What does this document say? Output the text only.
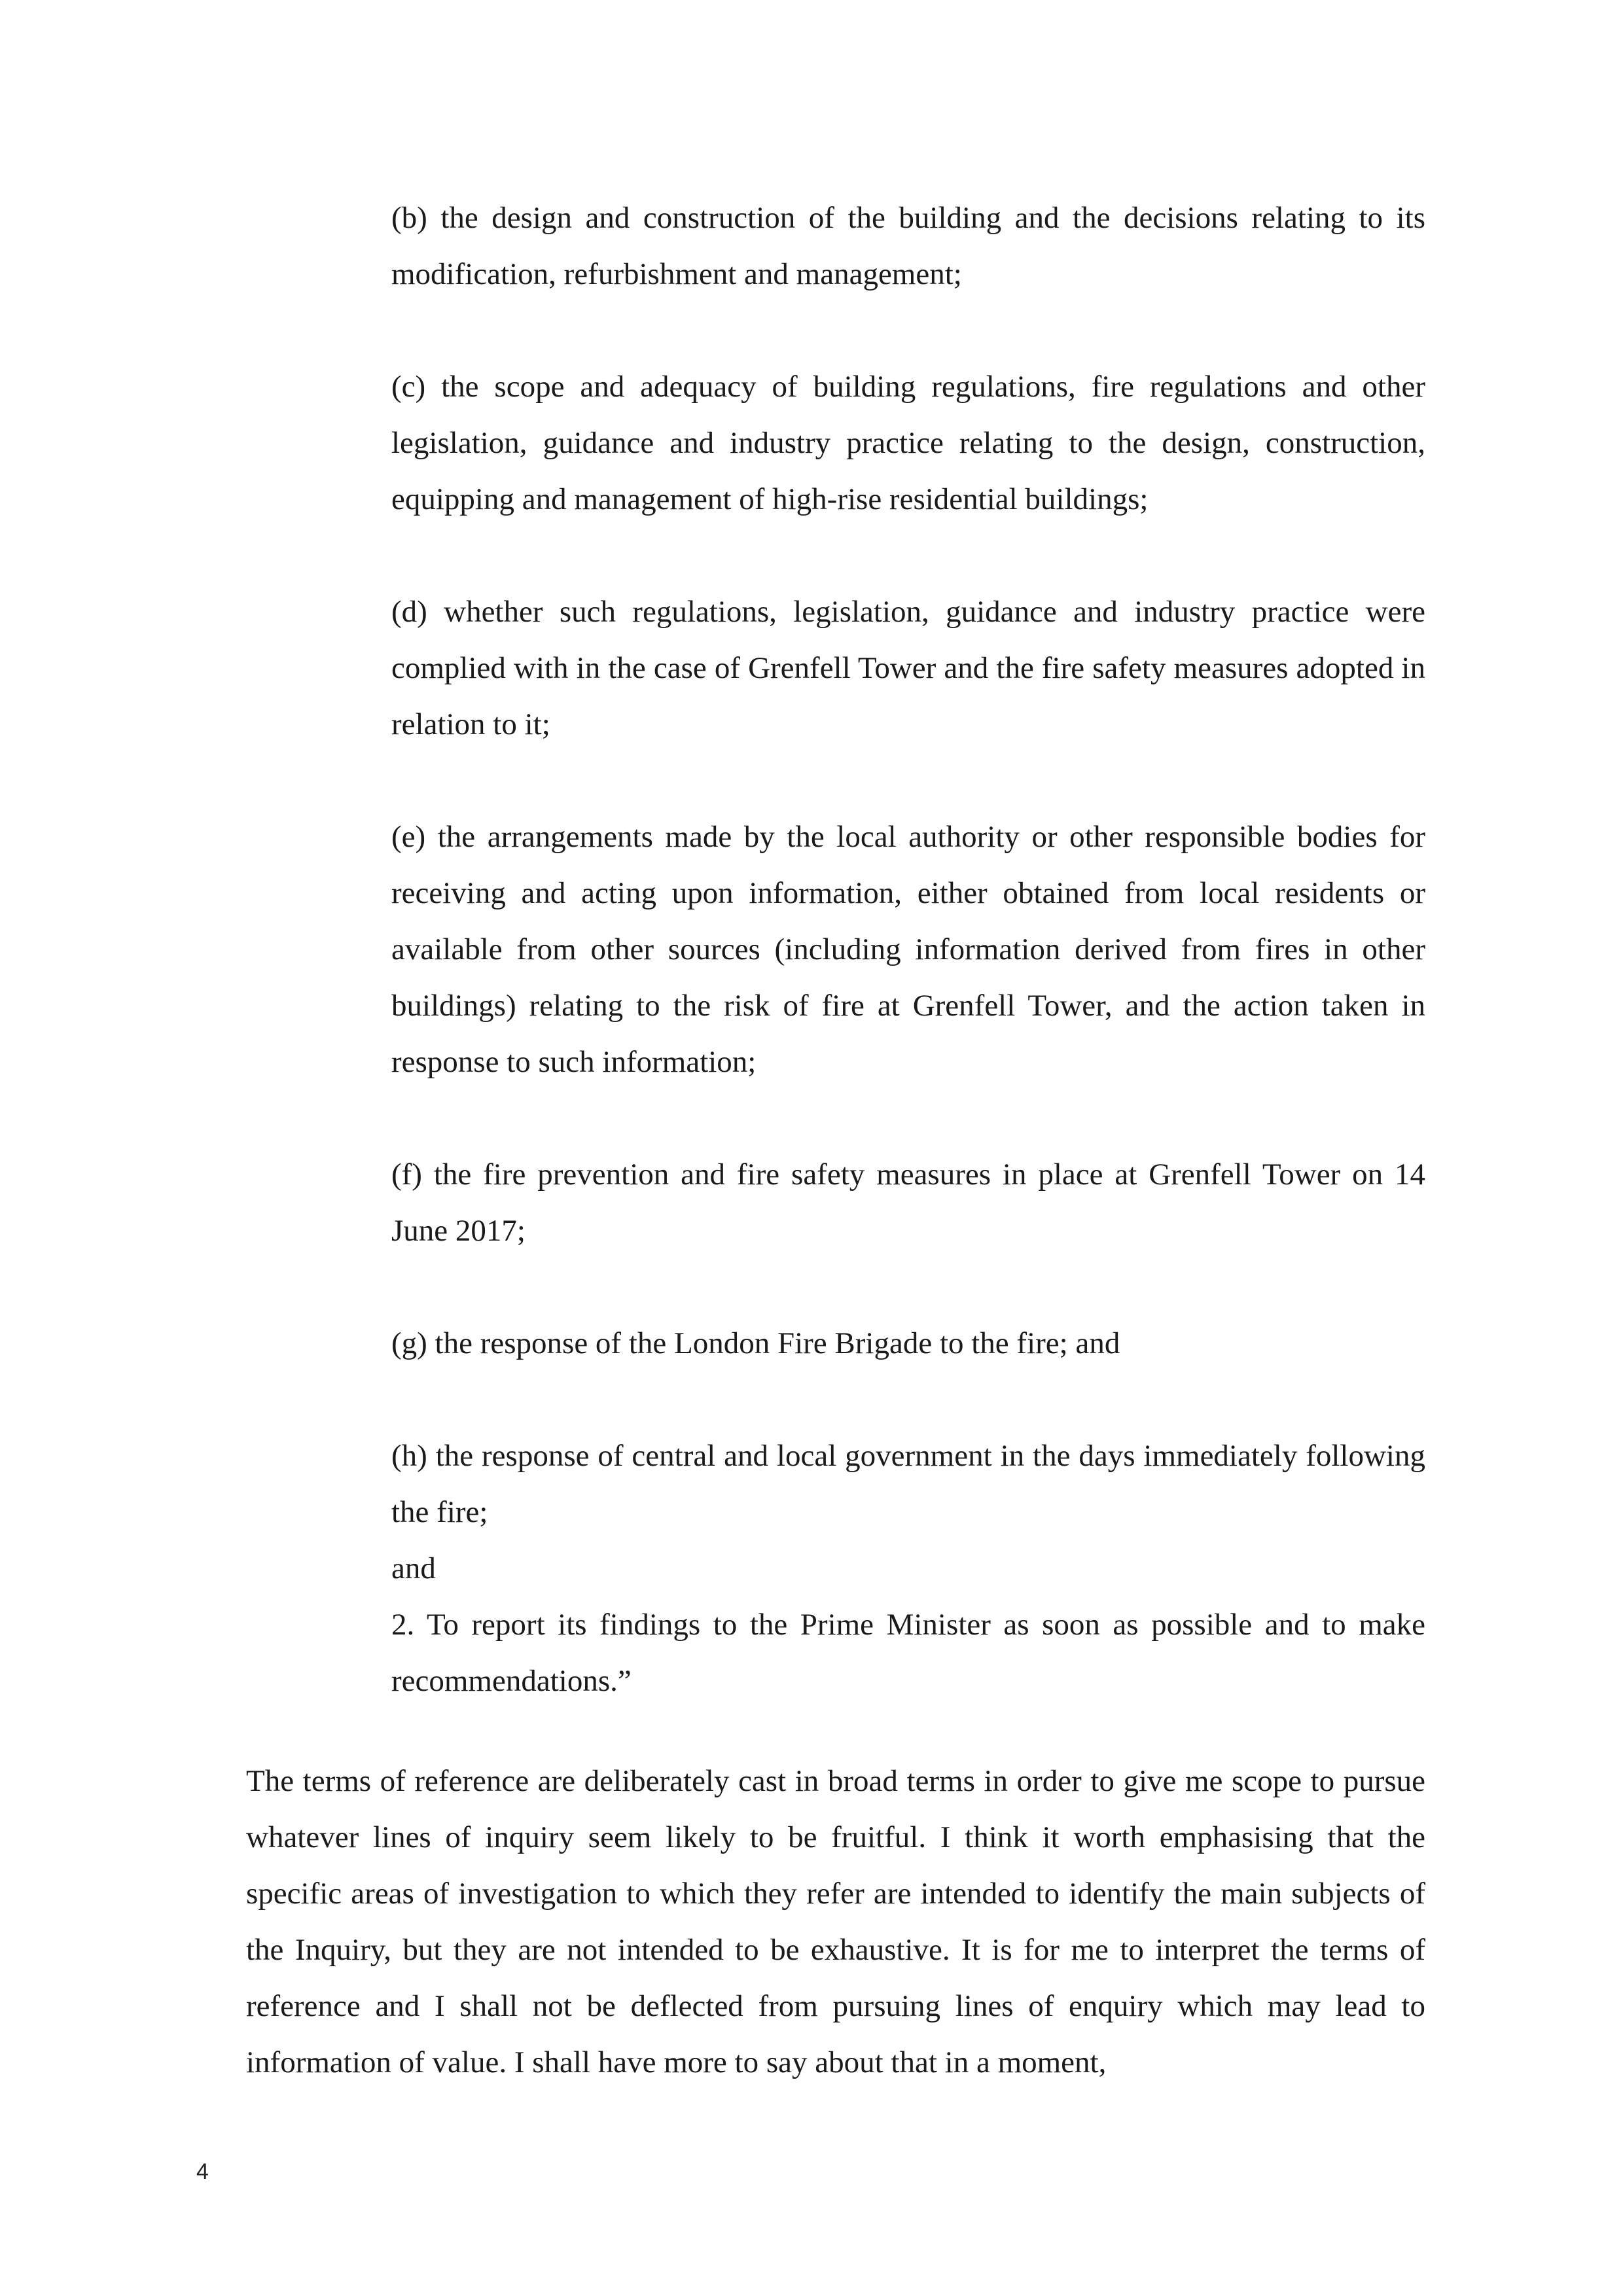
(b) the design and construction of the building and the decisions relating to its modification, refurbishment and management;

(c) the scope and adequacy of building regulations, fire regulations and other legislation, guidance and industry practice relating to the design, construction, equipping and management of high-rise residential buildings;

(d) whether such regulations, legislation, guidance and industry practice were complied with in the case of Grenfell Tower and the fire safety measures adopted in relation to it;

(e) the arrangements made by the local authority or other responsible bodies for receiving and acting upon information, either obtained from local residents or available from other sources (including information derived from fires in other buildings) relating to the risk of fire at Grenfell Tower, and the action taken in response to such information;

(f) the fire prevention and fire safety measures in place at Grenfell Tower on 14 June 2017;

(g) the response of the London Fire Brigade to the fire; and

(h) the response of central and local government in the days immediately following the fire;

and

2. To report its findings to the Prime Minister as soon as possible and to make recommendations.”

The terms of reference are deliberately cast in broad terms in order to give me scope to pursue whatever lines of inquiry seem likely to be fruitful. I think it worth emphasising that the specific areas of investigation to which they refer are intended to identify the main subjects of the Inquiry, but they are not intended to be exhaustive. It is for me to interpret the terms of reference and I shall not be deflected from pursuing lines of enquiry which may lead to information of value. I shall have more to say about that in a moment,

4
